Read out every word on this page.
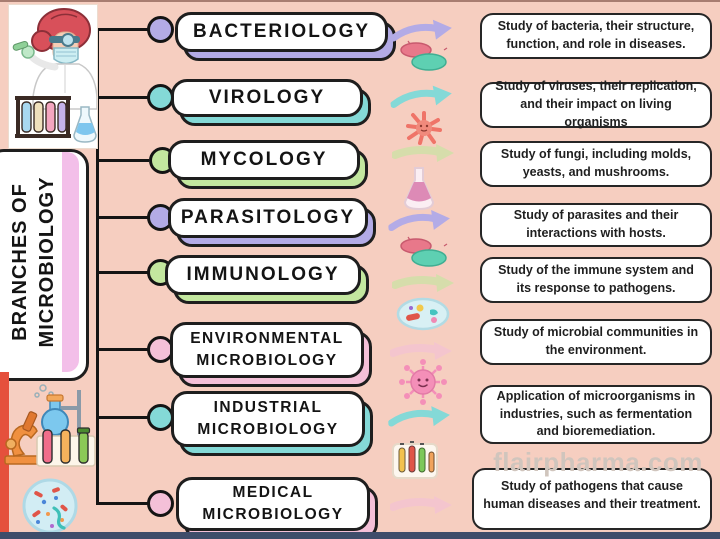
BRANCHES OF MICROBIOLOGY
BACTERIOLOGY
VIROLOGY
MYCOLOGY
PARASITOLOGY
IMMUNOLOGY
ENVIRONMENTAL MICROBIOLOGY
INDUSTRIAL MICROBIOLOGY
MEDICAL MICROBIOLOGY
Study of bacteria, their structure, function, and role in diseases.
Study of viruses, their replication, and their impact on living organisms
Study of fungi, including molds, yeasts, and mushrooms.
Study of parasites and their interactions with hosts.
Study of the immune system and its response to pathogens.
Study of microbial communities in the environment.
Application of microorganisms in industries, such as fermentation and bioremediation.
Study of pathogens that cause human diseases and their treatment.
flairpharma.com
